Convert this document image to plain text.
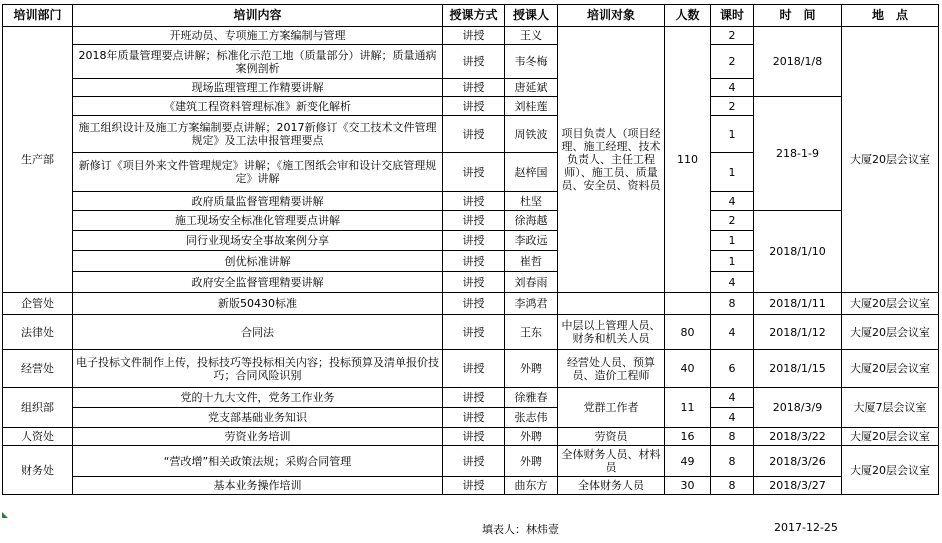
培训部门	培训内容	授课方式	授课人	培训对象	人数	课时	时　间	地　点
生产部	开班动员、专项施工方案编制与管理	讲授	王义	项目负责人（项目经理、施工经理、技术负责人、主任工程师）、施工员、质量员、安全员、资料员	110	2	2018/1/8	大厦20层会议室
	2018年质量管理要点讲解；标准化示范工地（质量部分）讲解；质量通病案例剖析	讲授	韦冬梅			2		
	现场监理管理工作精要讲解	讲授	唐延斌			4		
	《建筑工程资料管理标准》新变化解析	讲授	刘桂莲			2	218-1-9	
	施工组织设计及施工方案编制要点讲解；2017新修订《交工技术文件管理规定》及工法申报管理要点	讲授	周铁波			1		
	新修订《项目外来文件管理规定》讲解；《施工图纸会审和设计交底管理规定》讲解	讲授	赵梓国			1		
	政府质量监督管理精要讲解	讲授	杜坚			4		
	施工现场安全标准化管理要点讲解	讲授	徐海越			2	2018/1/10	
	同行业现场安全事故案例分享	讲授	李政远			1		
	创优标准讲解	讲授	崔哲			1		
	政府安全监督管理精要讲解	讲授	刘春雨			4		
企管处	新版50430标准	讲授	李鸿君			8	2018/1/11	大厦20层会议室
法律处	合同法	讲授	王东	中层以上管理人员、财务和机关人员	80	4	2018/1/12	大厦20层会议室
经营处	电子投标文件制作上传，投标技巧等投标相关内容；投标预算及清单报价技巧；合同风险识别	讲授	外聘	经营处人员、预算员、造价工程师	40	6	2018/1/15	大厦20层会议室
组织部	党的十九大文件，党务工作业务	讲授	徐雅春	党群工作者	11	4	2018/3/9	大厦7层会议室
	党支部基础业务知识	讲授	张志伟			4		
人资处	劳资业务培训	讲授	外聘	劳资员	16	8	2018/3/22	大厦20层会议室
财务处	“营改增”相关政策法规；采购合同管理	讲授	外聘	全体财务人员、材料员	49	8	2018/3/26	大厦20层会议室
	基本业务操作培训	讲授	曲东方	全体财务人员	30	8	2018/3/27	
填表人：林炜壹	2017-12-25
